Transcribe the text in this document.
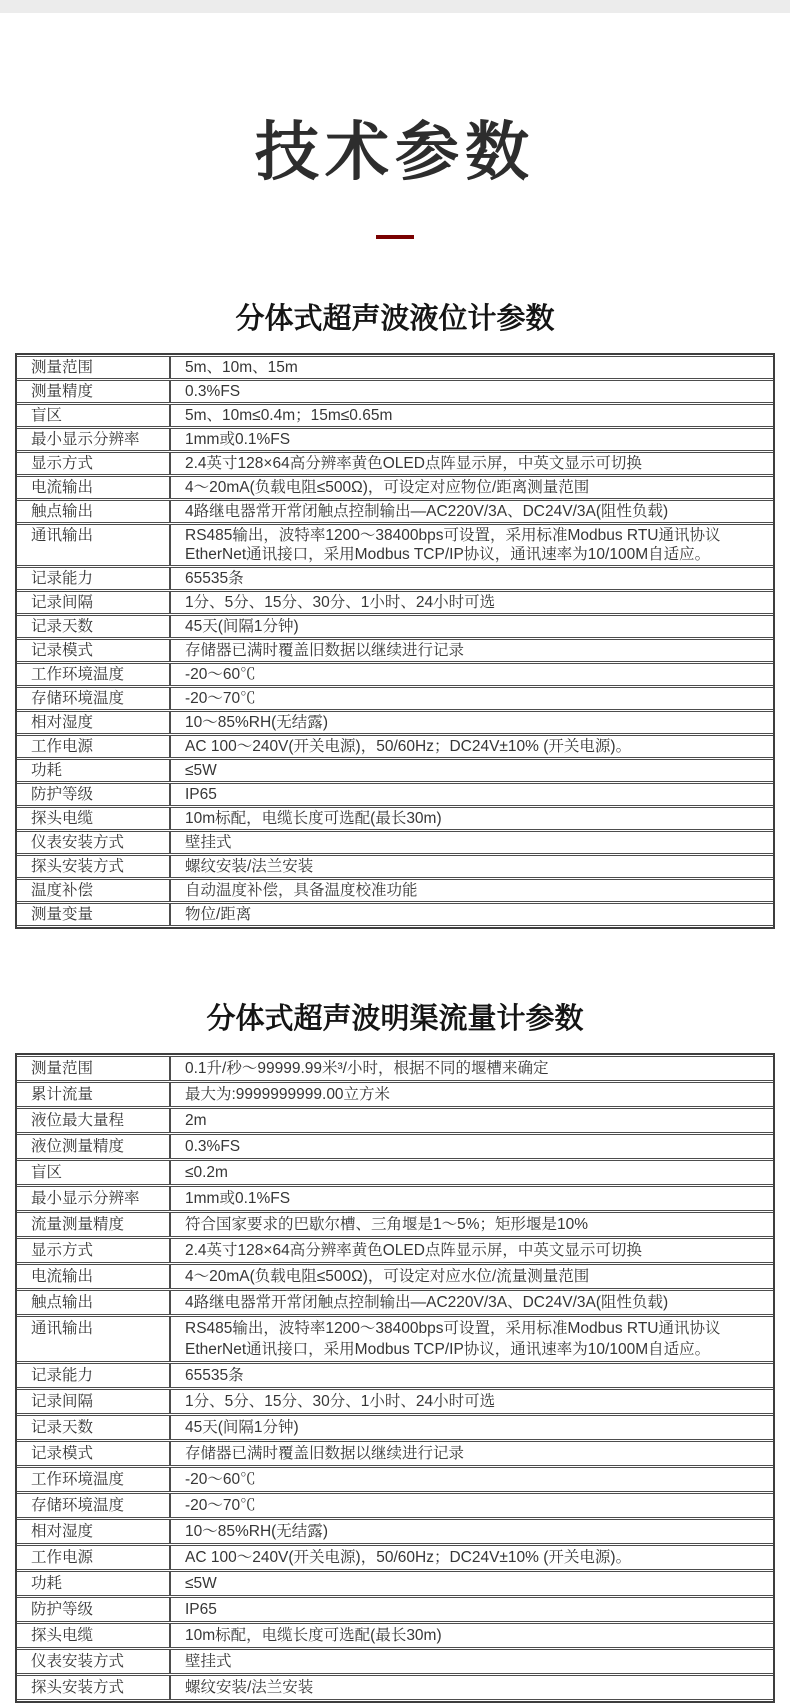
技术参数
分体式超声波液位计参数
测量范围	5m、10m、15m

测量精度	0.3%FS

盲区	5m、10m≤0.4m；15m≤0.65m

最小显示分辨率	1mm或0.1%FS

显示方式	2.4英寸128×64高分辨率黄色OLED点阵显示屏，中英文显示可切换

电流输出	4～20mA(负载电阻≤500Ω)，可设定对应物位/距离测量范围

触点输出	4路继电器常开常闭触点控制输出—AC220V/3A、DC24V/3A(阻性负载)

通讯输出	RS485输出，波特率1200～38400bps可设置，采用标准Modbus RTU通讯协议
EtherNet通讯接口，采用Modbus TCP/IP协议，通讯速率为10/100M自适应。

记录能力	65535条

记录间隔	1分、5分、15分、30分、1小时、24小时可选

记录天数	45天(间隔1分钟)

记录模式	存储器已满时覆盖旧数据以继续进行记录

工作环境温度	-20～60℃

存储环境温度	-20～70℃

相对湿度	10～85%RH(无结露)

工作电源	AC 100～240V(开关电源)，50/60Hz；DC24V±10% (开关电源)。

功耗	≤5W

防护等级	IP65

探头电缆	10m标配，电缆长度可选配(最长30m)

仪表安装方式	壁挂式

探头安装方式	螺纹安装/法兰安装

温度补偿	自动温度补偿，具备温度校准功能

测量变量	物位/距离
分体式超声波明渠流量计参数
测量范围	0.1升/秒～99999.99米³/小时，根据不同的堰槽来确定

累计流量	最大为:9999999999.00立方米

液位最大量程	2m

液位测量精度	0.3%FS

盲区	≤0.2m

最小显示分辨率	1mm或0.1%FS

流量测量精度	符合国家要求的巴歇尔槽、三角堰是1～5%；矩形堰是10%

显示方式	2.4英寸128×64高分辨率黄色OLED点阵显示屏，中英文显示可切换

电流输出	4～20mA(负载电阻≤500Ω)，可设定对应水位/流量测量范围

触点输出	4路继电器常开常闭触点控制输出—AC220V/3A、DC24V/3A(阻性负载)

通讯输出	RS485输出，波特率1200～38400bps可设置，采用标准Modbus RTU通讯协议
EtherNet通讯接口，采用Modbus TCP/IP协议，通讯速率为10/100M自适应。

记录能力	65535条

记录间隔	1分、5分、15分、30分、1小时、24小时可选

记录天数	45天(间隔1分钟)

记录模式	存储器已满时覆盖旧数据以继续进行记录

工作环境温度	-20～60℃

存储环境温度	-20～70℃

相对湿度	10～85%RH(无结露)

工作电源	AC 100～240V(开关电源)，50/60Hz；DC24V±10% (开关电源)。

功耗	≤5W

防护等级	IP65

探头电缆	10m标配，电缆长度可选配(最长30m)

仪表安装方式	壁挂式

探头安装方式	螺纹安装/法兰安装
